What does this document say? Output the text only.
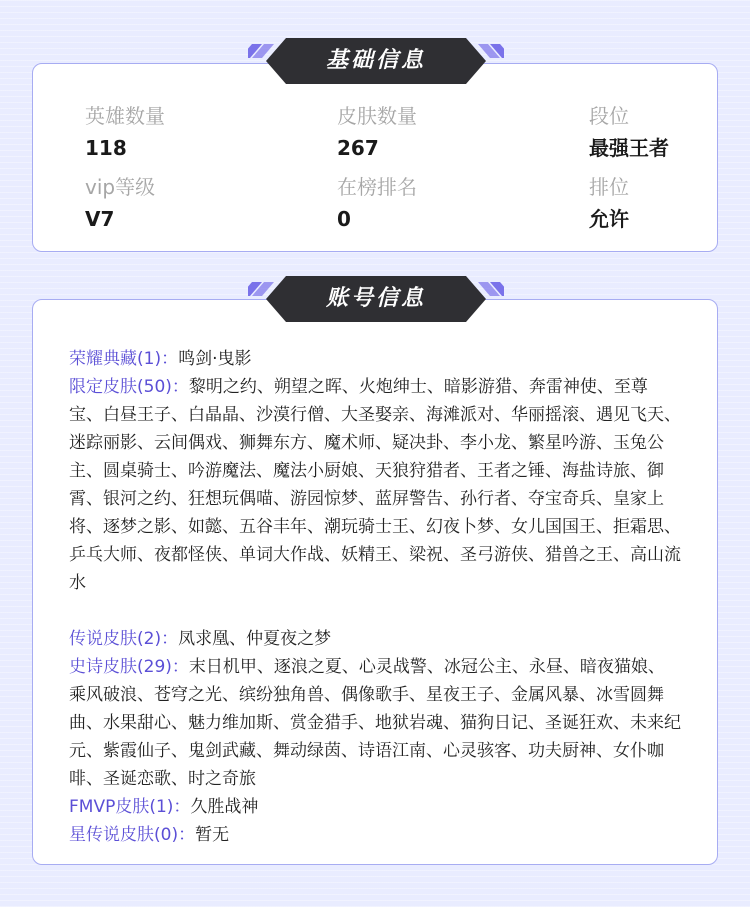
英雄数量
118
皮肤数量
267
段位
最强王者
vip等级
V7
在榜排名
0
排位
允许
基础信息

荣耀典藏(1)：鸣剑·曳影

限定皮肤(50)：黎明之约、朔望之晖、火炮绅士、暗影游猎、奔雷神使、至尊宝、白昼王子、白晶晶、沙漠行僧、大圣娶亲、海滩派对、华丽摇滚、遇见飞天、迷踪丽影、云间偶戏、狮舞东方、魔术师、疑决卦、李小龙、繁星吟游、玉兔公主、圆桌骑士、吟游魔法、魔法小厨娘、天狼狩猎者、王者之锤、海盐诗旅、御霄、银河之约、狂想玩偶喵、游园惊梦、蓝屏警告、孙行者、夺宝奇兵、皇家上将、逐梦之影、如懿、五谷丰年、潮玩骑士王、幻夜卜梦、女儿国国王、拒霜思、乒乓大师、夜都怪侠、单词大作战、妖精王、梁祝、圣弓游侠、猎兽之王、高山流水

传说皮肤(2)：凤求凰、仲夏夜之梦

史诗皮肤(29)：末日机甲、逐浪之夏、心灵战警、冰冠公主、永昼、暗夜猫娘、乘风破浪、苍穹之光、缤纷独角兽、偶像歌手、星夜王子、金属风暴、冰雪圆舞曲、水果甜心、魅力维加斯、赏金猎手、地狱岩魂、猫狗日记、圣诞狂欢、未来纪元、紫霞仙子、鬼剑武藏、舞动绿茵、诗语江南、心灵骇客、功夫厨神、女仆咖啡、圣诞恋歌、时之奇旅

FMVP皮肤(1)：久胜战神

星传说皮肤(0)：暂无

账号信息
